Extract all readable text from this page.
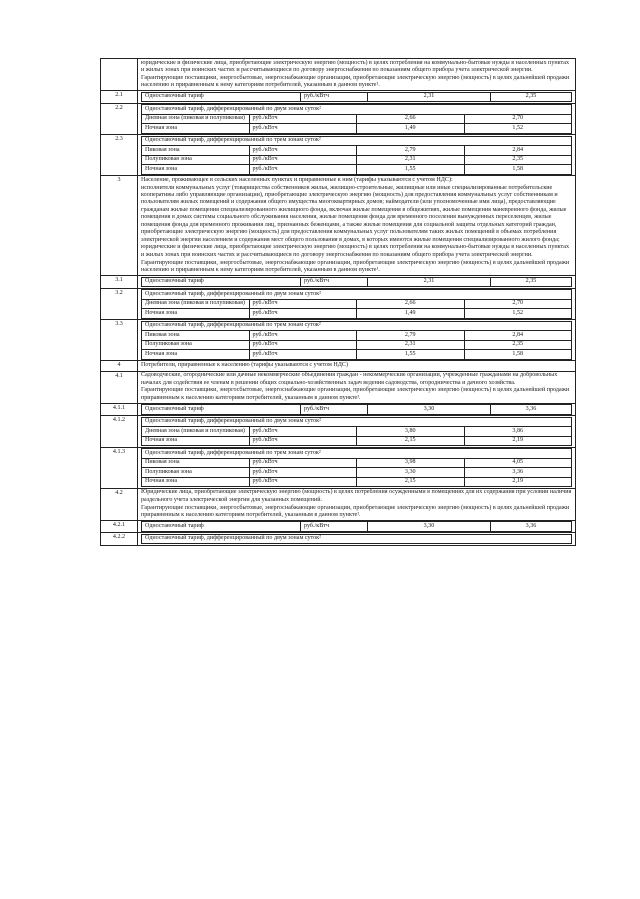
юридические и физические лица, приобретающие электрическую энергию (мощность) в целях потребления на коммунально-бытовые нужды в населенных пунктах и жилых зонах при воинских частях и рассчитывающиеся по договору энергоснабжения по показаниям общего прибора учета электрической энергии.

Гарантирующие поставщики, энергосбытовые, энергоснабжающие организации, приобретающие электрическую энергию (мощность) в целях дальнейшей продажи населению и приравненным к нему категориям потребителей, указанным в данном пункте¹.

2.1		Одноставочный тариф	руб./кВтч	2,31	2,35

2.2		Одноставочный тариф, дифференцированный по двум зонам суток²
Дневная зона (пиковая и полупиковая)	руб./кВтч	2,66	2,70
Ночная зона	руб./кВтч	1,49	1,52

2.3		Одноставочный тариф, дифференцированный по трем зонам суток²
Пиковая зона	руб./кВтч	2,79	2,84
Полупиковая зона	руб./кВтч	2,31	2,35
Ночная зона	руб./кВтч	1,55	1,58

3	Население, проживающее в сельских населенных пунктах и приравненные к ним (тарифы указываются с учетом НДС):

исполнители коммунальных услуг (товарищества собственников жилья, жилищно-строительные, жилищные или иные специализированные потребительские кооперативы либо управляющие организации), приобретающие электрическую энергию (мощность) для предоставления коммунальных услуг собственникам и пользователям жилых помещений и содержания общего имущества многоквартирных домов; наймодатели (или уполномоченные ими лица), предоставляющие гражданам жилые помещения специализированного жилищного фонда, включая жилые помещения в общежитиях, жилые помещения маневренного фонда, жилые помещения в домах системы социального обслуживания населения, жилые помещения фонда для временного поселения вынужденных переселенцев, жилые помещения фонда для временного проживания лиц, признанных беженцами, а также жилые помещения для социальной защиты отдельных категорий граждан, приобретающие электрическую энергию (мощность) для предоставления коммунальных услуг пользователям таких жилых помещений в объемах потребления электрической энергии населением и содержания мест общего пользования в домах, в которых имеются жилые помещения специализированного жилого фонда;

юридические и физические лица, приобретающие электрическую энергию (мощность) в целях потребления на коммунально-бытовые нужды в населенных пунктах и жилых зонах при воинских частях и рассчитывающиеся по договору энергоснабжения по показаниям общего прибора учета электрической энергии.

Гарантирующие поставщики, энергосбытовые, энергоснабжающие организации, приобретающие электрическую энергию (мощность) в целях дальнейшей продажи населению и приравненным к нему категориям потребителей, указанным в данном пункте¹.

3.1		Одноставочный тариф	руб./кВтч	2,31	2,35

3.2		Одноставочный тариф, дифференцированный по двум зонам суток²
Дневная зона (пиковая и полупиковая)	руб./кВтч	2,66	2,70
Ночная зона	руб./кВтч	1,49	1,52

3.3		Одноставочный тариф, дифференцированный по трем зонам суток²
Пиковая зона	руб./кВтч	2,79	2,84
Полупиковая зона	руб./кВтч	2,31	2,35
Ночная зона	руб./кВтч	1,55	1,58

4	Потребители, приравненные к населению (тарифы указываются с учетом НДС)

4.1	Садоводческие, огороднические или дачные некоммерческие объединения граждан - некоммерческие организации, учрежденные гражданами на добровольных началах для содействия ее членам в решении общих социально-хозяйственных задач ведения садоводства, огородничества и дачного хозяйства.

Гарантирующие поставщики, энергосбытовые, энергоснабжающие организации, приобретающие электрическую энергию (мощность) в целях дальнейшей продажи приравненным к населению категориям потребителей, указанным в данном пункте¹.

4.1.1		Одноставочный тариф	руб./кВтч	3,30	3,36

4.1.2		Одноставочный тариф, дифференцированный по двум зонам суток²
Дневная зона (пиковая и полупиковая)	руб./кВтч	3,80	3,86
Ночная зона	руб./кВтч	2,15	2,19

4.1.3		Одноставочный тариф, дифференцированный по трем зонам суток²
Пиковая зона	руб./кВтч	3,98	4,05
Полупиковая зона	руб./кВтч	3,30	3,36
Ночная зона	руб./кВтч	2,15	2,19

4.2	Юридические лица, приобретающие электрическую энергию (мощность) в целях потребления осужденными в помещениях для их содержания при условии наличия раздельного учета электрической энергии для указанных помещений.

Гарантирующие поставщики, энергосбытовые, энергоснабжающие организации, приобретающие электрическую энергию (мощность) в целях дальнейшей продажи приравненным к населению категориям потребителей, указанным в данном пункте¹.

4.2.1		Одноставочный тариф	руб./кВтч	3,30	3,36

4.2.2		Одноставочный тариф, дифференцированный по двум зонам суток²
